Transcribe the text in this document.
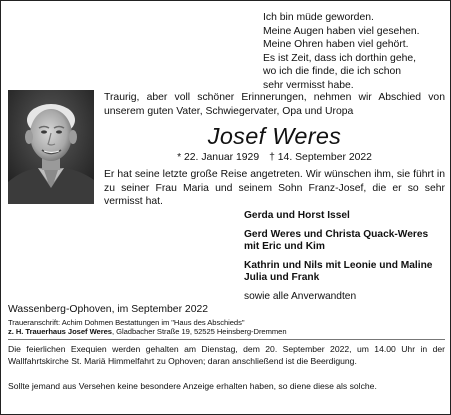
Ich bin müde geworden.
Meine Augen haben viel gesehen.
Meine Ohren haben viel gehört.
Es ist Zeit, dass ich dorthin gehe,
wo ich die finde, die ich schon
sehr vermisst habe.
Traurig, aber voll schöner Erinnerungen, nehmen wir Abschied von unserem guten Vater, Schwiegervater, Opa und Uropa
Josef Weres
* 22. Januar 1929 † 14. September 2022
Er hat seine letzte große Reise angetreten. Wir wünschen ihm, sie führt in zu seiner Frau Maria und seinem Sohn Franz-Josef, die er so sehr vermisst hat.
Gerda und Horst Issel
Gerd Weres und Christa Quack-Weres
mit Eric und Kim
Kathrin und Nils mit Leonie und Maline
Julia und Frank
sowie alle Anverwandten
Wassenberg-Ophoven, im September 2022
Traueranschrift: Achim Dohmen Bestattungen im "Haus des Abschieds"
z. H. Trauerhaus Josef Weres, Gladbacher Straße 19, 52525 Heinsberg-Dremmen
Die feierlichen Exequien werden gehalten am Dienstag, dem 20. September 2022, um 14.00 Uhr in der Wallfahrtskirche St. Mariä Himmelfahrt zu Ophoven; daran anschließend ist die Beerdigung.
Sollte jemand aus Versehen keine besondere Anzeige erhalten haben, so diene diese als solche.
